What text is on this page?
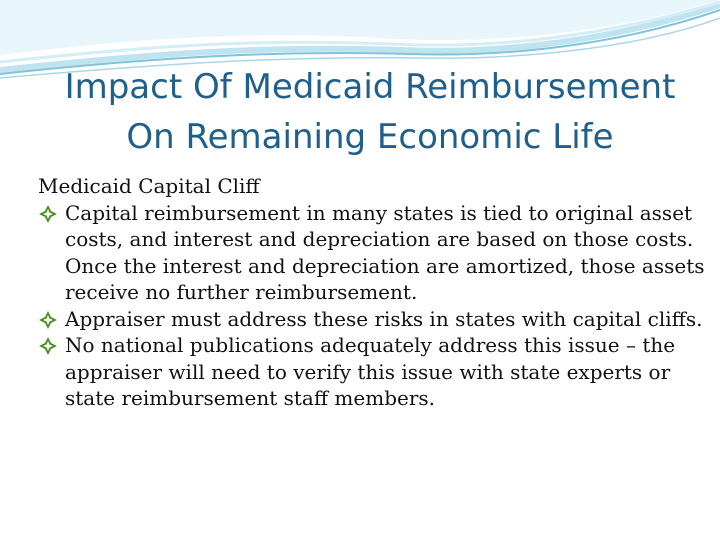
Impact Of Medicaid Reimbursement
On Remaining Economic Life

Medicaid Capital Cliff

Capital reimbursement in many states is tied to original asset costs, and interest and depreciation are based on those costs. Once the interest and depreciation are amortized, those assets receive no further reimbursement.

Appraiser must address these risks in states with capital cliffs.

No national publications adequately address this issue – the appraiser will need to verify this issue with state experts or state reimbursement staff members.
